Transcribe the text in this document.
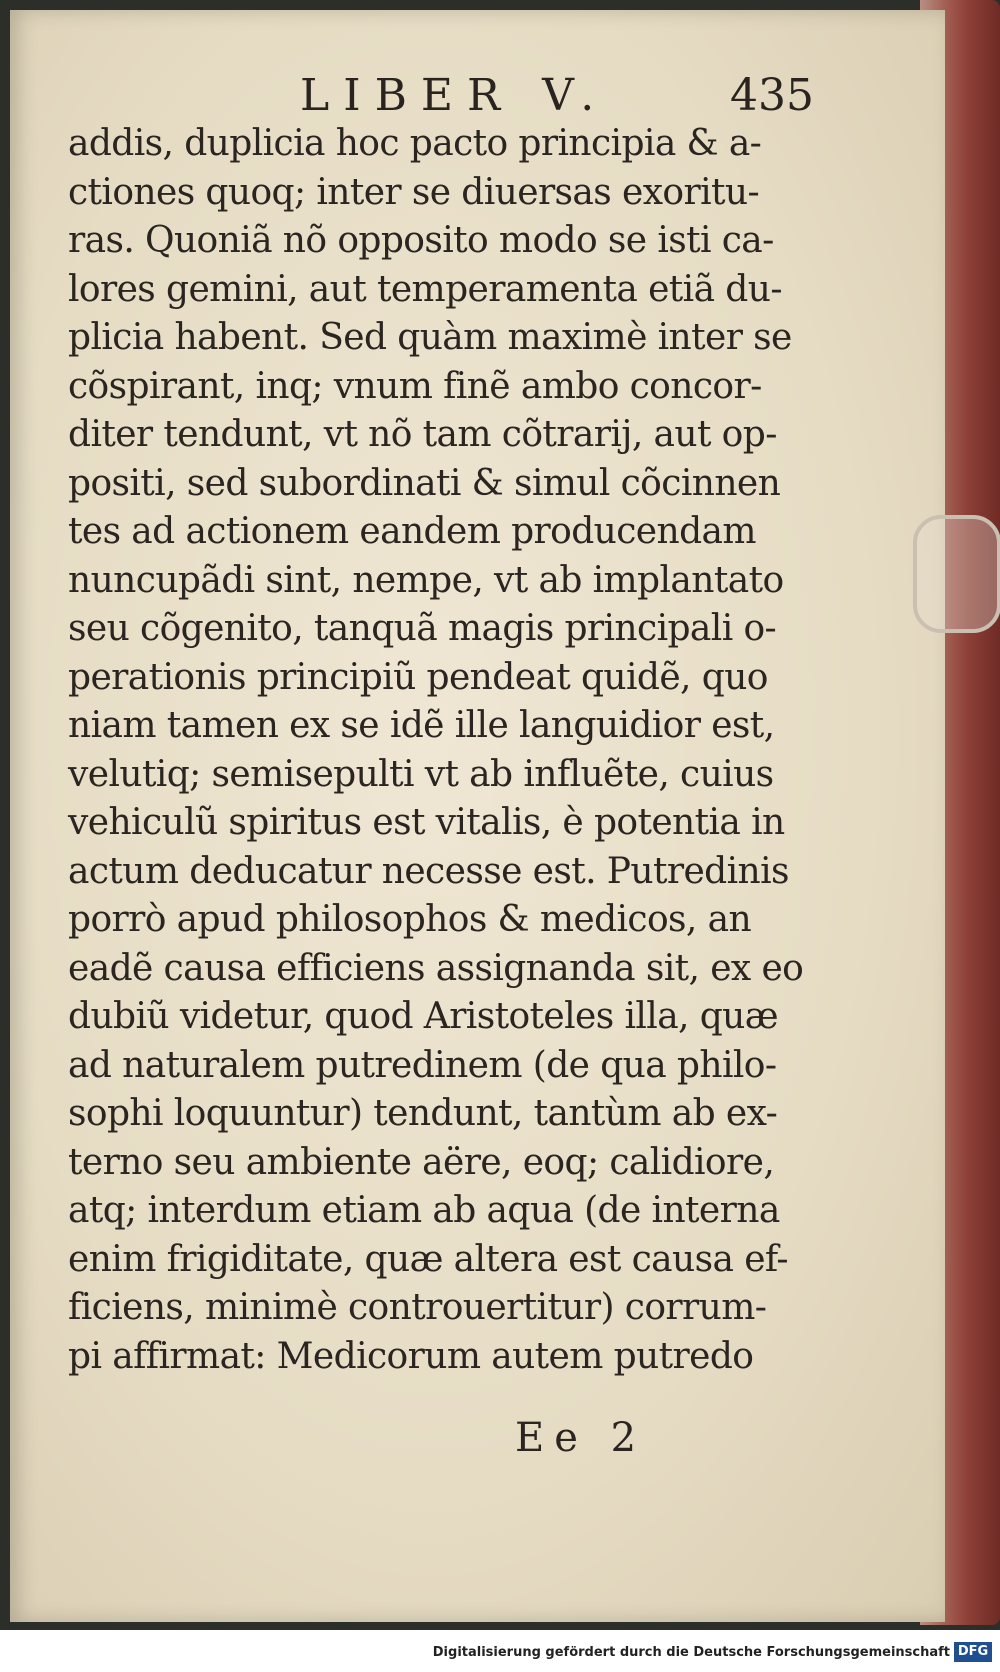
LIBER V.	435
addis, duplicia hoc pacto principia & a-
ctiones quoq; inter se diuersas exoritu-
ras. Quoniã nõ opposito modo se isti ca-
lores gemini, aut temperamenta etiã du-
plicia habent. Sed quàm maximè inter se
cõspirant, inq; vnum finẽ ambo concor-
diter tendunt, vt nõ tam cõtrarij, aut op-
positi, sed subordinati & simul cõcinnen
tes ad actionem eandem producendam
nuncupãdi sint, nempe, vt ab implantato
seu cõgenito, tanquã magis principali o-
perationis principiũ pendeat quidẽ, quo
niam tamen ex se idẽ ille languidior est,
velutiq; semisepulti vt ab influẽte, cuius
vehiculũ spiritus est vitalis, è potentia in
actum deducatur necesse est. Putredinis
porrò apud philosophos & medicos, an
eadẽ causa efficiens assignanda sit, ex eo
dubiũ videtur, quod Aristoteles illa, quæ
ad naturalem putredinem (de qua philo-
sophi loquuntur) tendunt, tantùm ab ex-
terno seu ambiente aëre, eoq; calidiore,
atq; interdum etiam ab aqua (de interna
enim frigiditate, quæ altera est causa ef-
ficiens, minimè controuertitur) corrum-
pi affirmat: Medicorum autem putredo
Ee 2
Digitalisierung gefördert durch die Deutsche Forschungsgemeinschaft DFG
